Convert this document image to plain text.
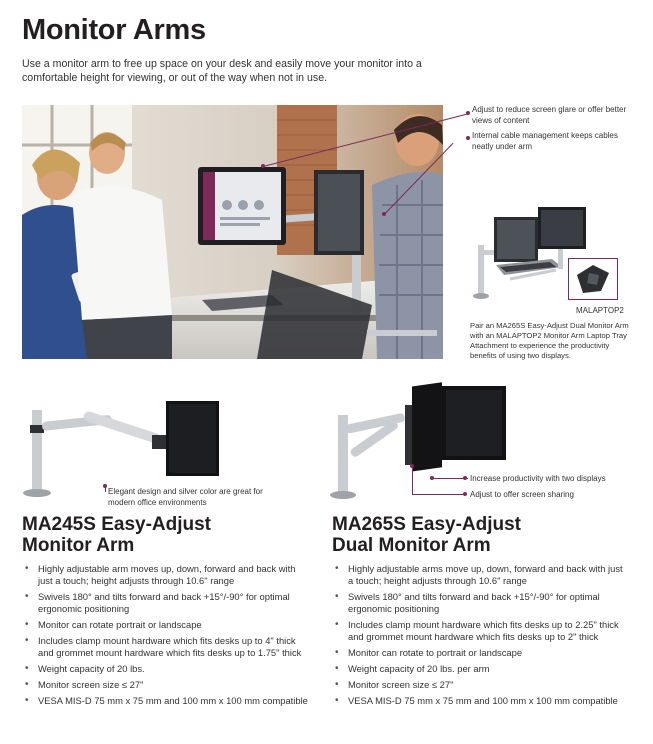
Monitor Arms
Use a monitor arm to free up space on your desk and easily move your monitor into a comfortable height for viewing, or out of the way when not in use.
Adjust to reduce screen glare or offer better views of content
Internal cable management keeps cables neatly under arm
MALAPTOP2
Pair an MA265S Easy-Adjust Dual Monitor Arm with an MALAPTOP2 Monitor Arm Laptop Tray Attachment to experience the productivity benefits of using two displays.
Elegant design and silver color are great for modern office environments
Increase productivity with two displays
Adjust to offer screen sharing
MA245S Easy-Adjust
Monitor Arm
• Highly adjustable arm moves up, down, forward and back with just a touch; height adjusts through 10.6" range
• Swivels 180° and tilts forward and back +15°/-90° for optimal ergonomic positioning
• Monitor can rotate portrait or landscape
• Includes clamp mount hardware which fits desks up to 4" thick and grommet mount hardware which fits desks up to 1.75" thick
• Weight capacity of 20 lbs.
• Monitor screen size ≤ 27"
• VESA MIS-D 75 mm x 75 mm and 100 mm x 100 mm compatible
MA265S Easy-Adjust
Dual Monitor Arm
• Highly adjustable arms move up, down, forward and back with just a touch; height adjusts through 10.6" range
• Swivels 180° and tilts forward and back +15°/-90° for optimal ergonomic positioning
• Includes clamp mount hardware which fits desks up to 2.25" thick and grommet mount hardware which fits desks up to 2" thick
• Monitor can rotate to portrait or landscape
• Weight capacity of 20 lbs. per arm
• Monitor screen size ≤ 27"
• VESA MIS-D 75 mm x 75 mm and 100 mm x 100 mm compatible
